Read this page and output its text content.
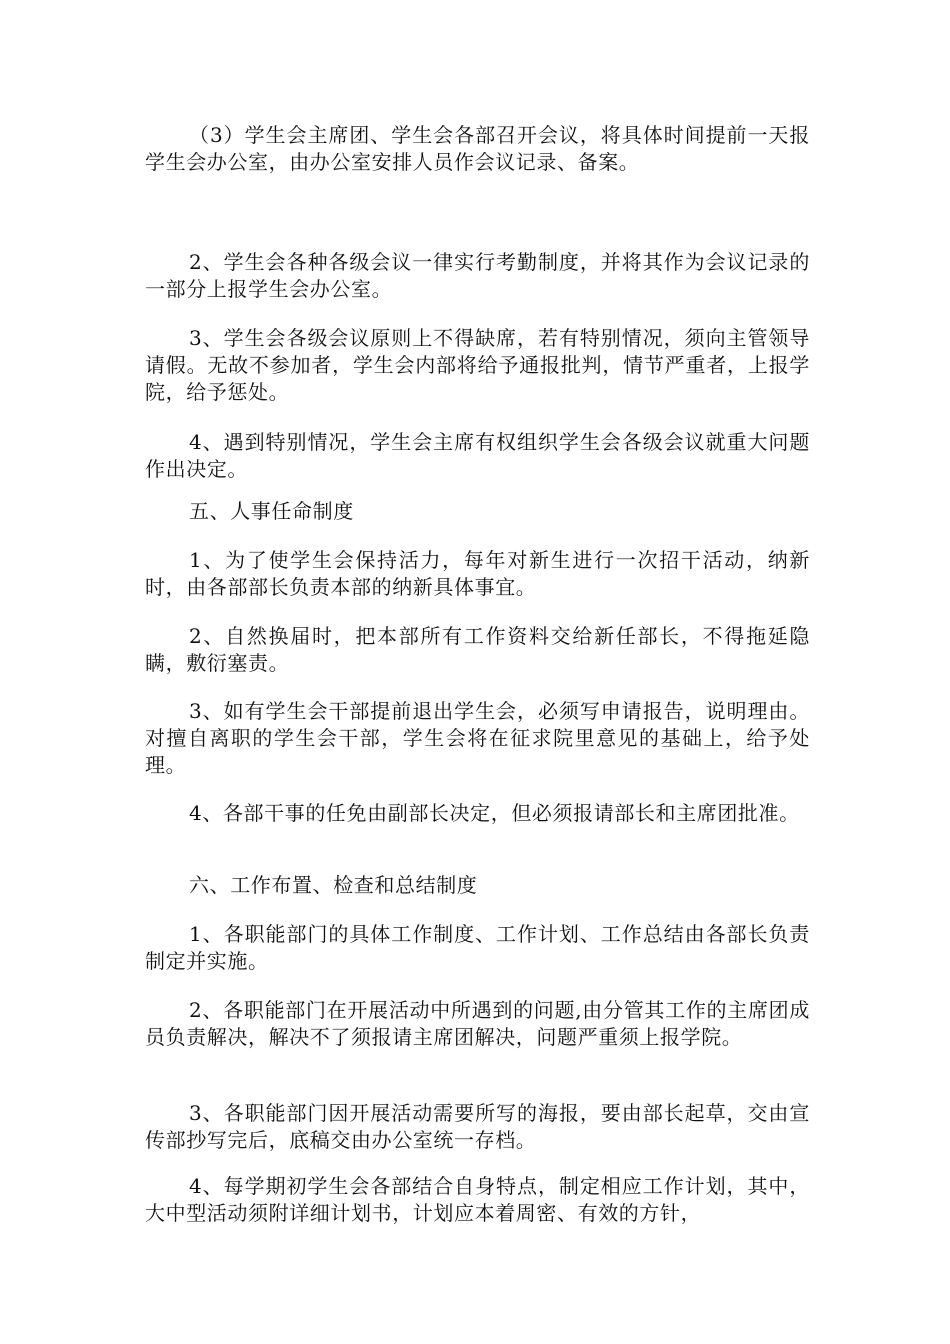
（3）学生会主席团、学生会各部召开会议，将具体时间提前一天报学生会办公室，由办公室安排人员作会议记录、备案。

2、学生会各种各级会议一律实行考勤制度，并将其作为会议记录的一部分上报学生会办公室。

3、学生会各级会议原则上不得缺席，若有特别情况，须向主管领导请假。无故不参加者，学生会内部将给予通报批判，情节严重者，上报学院，给予惩处。

4、遇到特别情况，学生会主席有权组织学生会各级会议就重大问题作出决定。

五、人事任命制度

1、为了使学生会保持活力，每年对新生进行一次招干活动，纳新时，由各部部长负责本部的纳新具体事宜。

2、自然换届时，把本部所有工作资料交给新任部长，不得拖延隐瞒，敷衍塞责。

3、如有学生会干部提前退出学生会，必须写申请报告，说明理由。对擅自离职的学生会干部，学生会将在征求院里意见的基础上，给予处理。

4、各部干事的任免由副部长决定，但必须报请部长和主席团批准。

六、工作布置、检查和总结制度

1、各职能部门的具体工作制度、工作计划、工作总结由各部长负责制定并实施。

2、各职能部门在开展活动中所遇到的问题,由分管其工作的主席团成员负责解决，解决不了须报请主席团解决，问题严重须上报学院。

3、各职能部门因开展活动需要所写的海报，要由部长起草，交由宣传部抄写完后，底稿交由办公室统一存档。

4、每学期初学生会各部结合自身特点，制定相应工作计划，其中，大中型活动须附详细计划书，计划应本着周密、有效的方针，
